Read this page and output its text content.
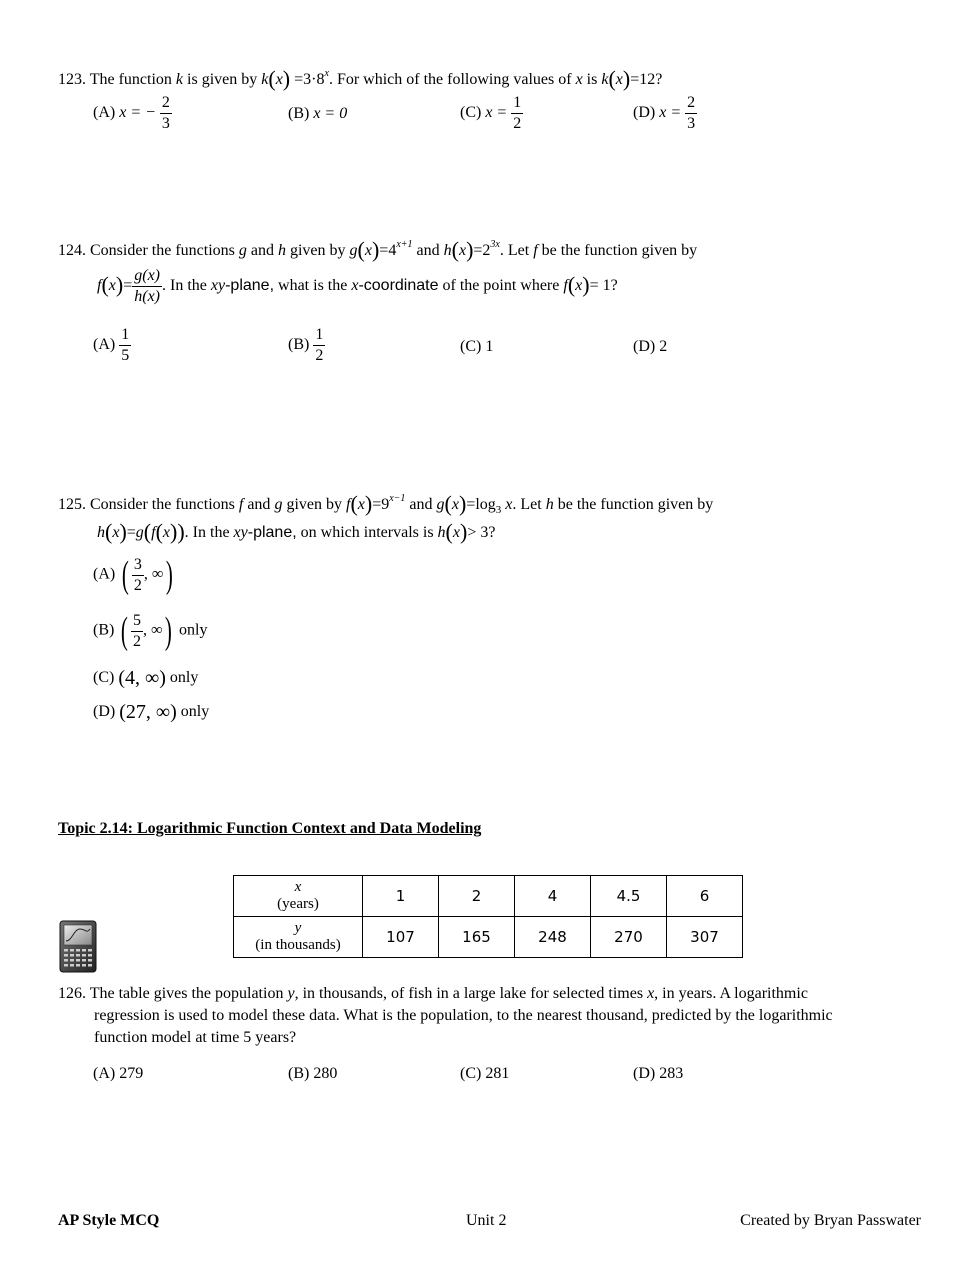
123. The function k is given by $k(x) =3\cdot 8^x$. For which of the following values of x is k(x)=12?
(A) x = − $\frac{2}{3}$	(B) x = 0	(C) $x = \frac{1}{2}$	(D) $x = \frac{2}{3}$
124. Consider the functions g and h given by $g(x)=4^{x+1}$ and $h(x)=2^{3x}$. Let f be the function given by
$f(x)= \frac{g(x)}{h(x)}$ . In the xy-plane, what is the x-coordinate of the point where f(x)= 1?
$(A) \frac{1}{5}$	$(B) \frac{1}{2}$	(C) 1	(D) 2
125. Consider the functions f and g given by $f(x)=9^{x-1}$ and $g(x)=\log_3$ x. Let h be the function given by
h(x)=g(f(x)). In the xy-plane, on which intervals is h(x)> 3?
(A) ( $\frac{3}{2}$ , ∞)
(B) ( $\frac{5}{2}$ , ∞) only
(C) (4, ∞) only
(D) (27, ∞) only
Topic 2.14: Logarithmic Function Context and Data Modeling
x
(years)	1	2	4	4.5	6
y
(in thousands)	107	165	248	270	307
126. The table gives the population y, in thousands, of fish in a large lake for selected times x, in years. A logarithmic
regression is used to model these data. What is the population, to the nearest thousand, predicted by the logarithmic
function model at time 5 years?
(A) 279	(B) 280	(C) 281	(D) 283
AP Style MCQ	Unit 2	Created by Bryan Passwater
